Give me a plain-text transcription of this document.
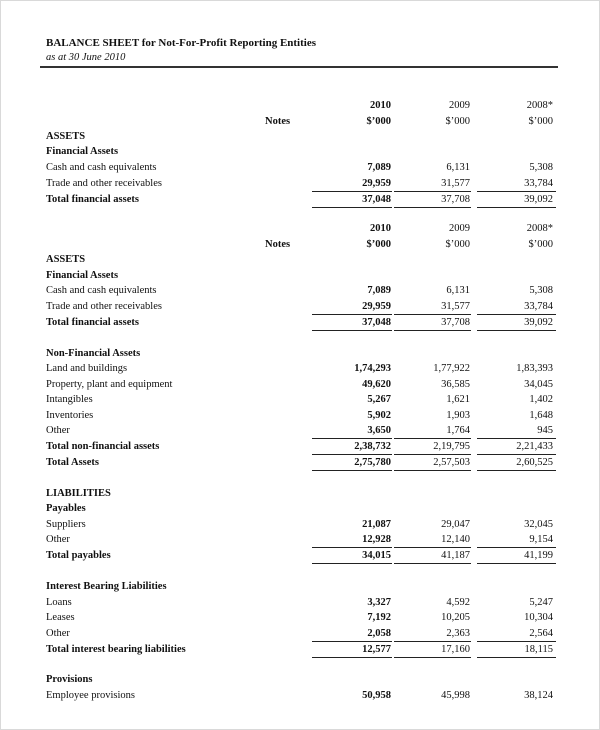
BALANCE SHEET for Not-For-Profit Reporting Entities
as at 30 June 2010
2010	2009	2008*
Notes	$’000	$’000	$’000
ASSETS
Financial Assets
Cash and cash equivalents	7,089	6,131	5,308
Trade and other receivables	29,959	31,577	33,784
Total financial assets	37,048	37,708	39,092
2010	2009	2008*
Notes	$’000	$’000	$’000
ASSETS
Financial Assets
Cash and cash equivalents	7,089	6,131	5,308
Trade and other receivables	29,959	31,577	33,784
Total financial assets	37,048	37,708	39,092
Non-Financial Assets
Land and buildings	1,74,293	1,77,922	1,83,393
Property, plant and equipment	49,620	36,585	34,045
Intangibles	5,267	1,621	1,402
Inventories	5,902	1,903	1,648
Other	3,650	1,764	945
Total non-financial assets	2,38,732	2,19,795	2,21,433
Total Assets	2,75,780	2,57,503	2,60,525
LIABILITIES
Payables
Suppliers	21,087	29,047	32,045
Other	12,928	12,140	9,154
Total payables	34,015	41,187	41,199
Interest Bearing Liabilities
Loans	3,327	4,592	5,247
Leases	7,192	10,205	10,304
Other	2,058	2,363	2,564
Total interest bearing liabilities	12,577	17,160	18,115
Provisions
Employee provisions	50,958	45,998	38,124
